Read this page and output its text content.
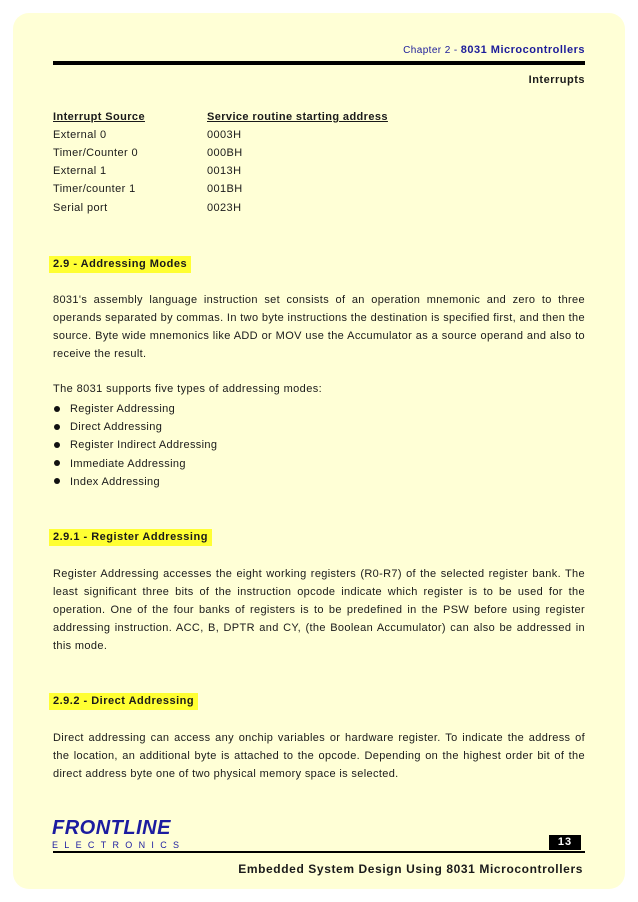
Chapter 2 - 8031 Microcontrollers
Interrupts
Interrupt Source	Service routine starting address
External 0	0003H
Timer/Counter 0	000BH
External 1	0013H
Timer/counter 1	001BH
Serial port	0023H
2.9 - Addressing Modes

8031's assembly language instruction set consists of an operation mnemonic and zero to three operands separated by commas. In two byte instructions the destination is specified first, and then the source. Byte wide mnemonics like ADD or MOV use the Accumulator as a source operand and also to receive the result.

The 8031 supports five types of addressing modes:
Register Addressing
Direct Addressing
Register Indirect Addressing
Immediate Addressing
Index Addressing
2.9.1 - Register Addressing

Register Addressing accesses the eight working registers (R0-R7) of the selected register bank. The least significant three bits of the instruction opcode indicate which register is to be used for the operation. One of the four banks of registers is to be predefined in the PSW before using register addressing instruction. ACC, B, DPTR and CY, (the Boolean Accumulator) can also be addressed in this mode.

2.9.2 - Direct Addressing

Direct addressing can access any onchip variables or hardware register. To indicate the address of the location, an additional byte is attached to the opcode. Depending on the highest order bit of the direct address byte one of two physical memory space is selected.

FRONTLINE
ELECTRONICS	13
Embedded System Design Using 8031 Microcontrollers
